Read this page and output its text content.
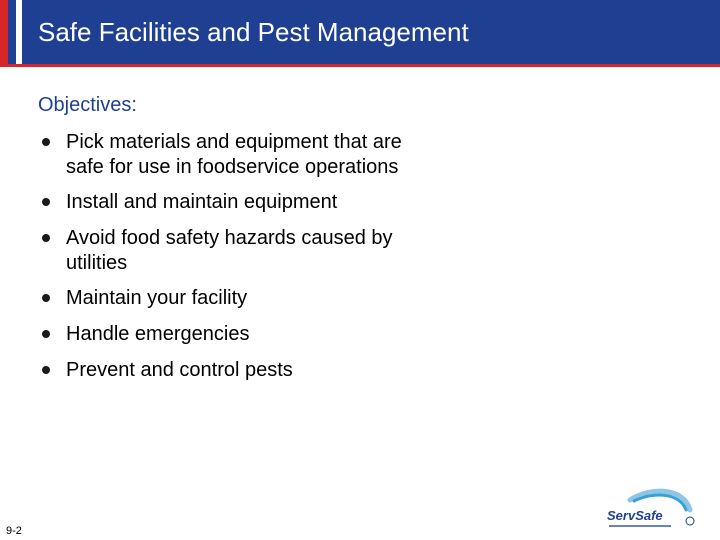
Safe Facilities and Pest Management
Objectives:
Pick materials and equipment that are safe for use in foodservice operations
Install and maintain equipment
Avoid food safety hazards caused by utilities
Maintain your facility
Handle emergencies
Prevent and control pests
9-2
ServSafe
